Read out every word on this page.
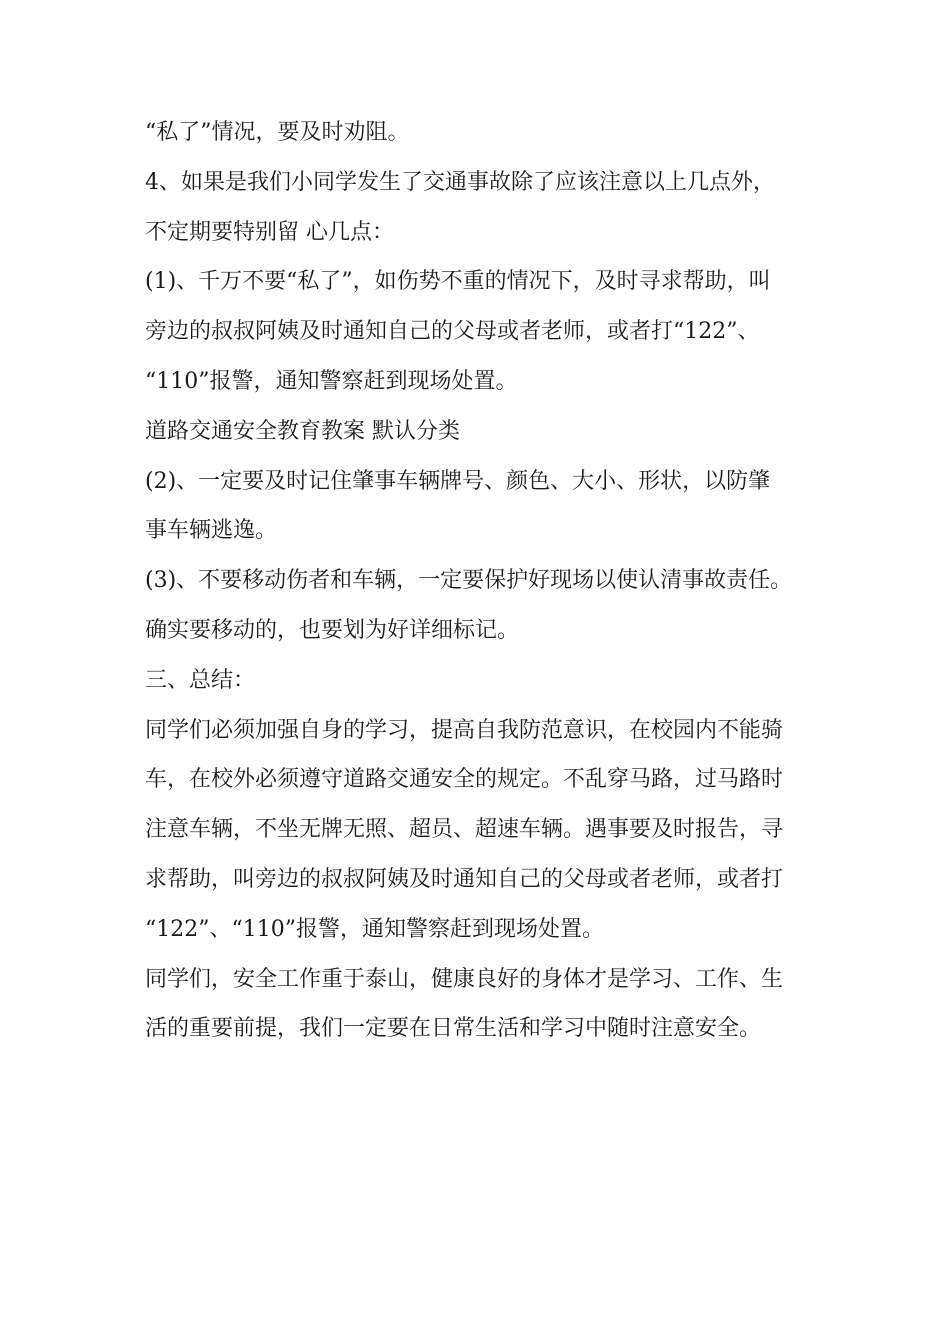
“私了”情况，要及时劝阻。
4、如果是我们小同学发生了交通事故除了应该注意以上几点外，
不定期要特别留 心几点：
(1)、千万不要“私了”，如伤势不重的情况下，及时寻求帮助，叫
旁边的叔叔阿姨及时通知自己的父母或者老师，或者打“122”、
“110”报警，通知警察赶到现场处置。
道路交通安全教育教案 默认分类
(2)、一定要及时记住肇事车辆牌号、颜色、大小、形状，以防肇
事车辆逃逸。
(3)、不要移动伤者和车辆，一定要保护好现场以使认清事故责任。
确实要移动的，也要划为好详细标记。
三、总结：
同学们必须加强自身的学习，提高自我防范意识，在校园内不能骑
车，在校外必须遵守道路交通安全的规定。不乱穿马路，过马路时
注意车辆，不坐无牌无照、超员、超速车辆。遇事要及时报告，寻
求帮助，叫旁边的叔叔阿姨及时通知自己的父母或者老师，或者打
“122”、“110”报警，通知警察赶到现场处置。
同学们，安全工作重于泰山，健康良好的身体才是学习、工作、生
活的重要前提，我们一定要在日常生活和学习中随时注意安全。
